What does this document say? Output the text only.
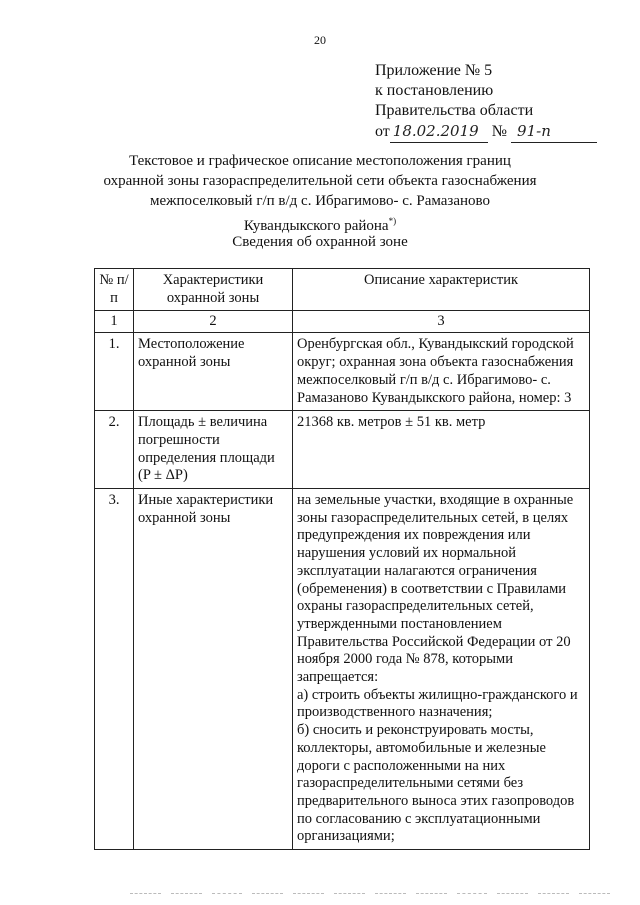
20
Приложение № 5
к постановлению
Правительства области
от 18.02.2019 № 91-п
Текстовое и графическое описание местоположения границ
охранной зоны газораспределительной сети объекта газоснабжения
межпоселковый г/п в/д с. Ибрагимово- с. Рамазаново
Кувандыкского района*)
Сведения об охранной зоне
№ п/п	Характеристики охранной зоны	Описание характеристик
1	2	3
1.	Местоположение охранной зоны	Оренбургская обл., Кувандыкский городской округ; охранная зона объекта газоснабжения межпоселковый г/п в/д с. Ибрагимово- с. Рамазаново Кувандыкского района, номер: 3
2.	Площадь ± величина погрешности определения площади (P ± ΔP)	21368 кв. метров ± 51 кв. метр
3.	Иные характеристики охранной зоны	на земельные участки, входящие в охранные зоны газораспределительных сетей, в целях предупреждения их повреждения или нарушения условий их нормальной эксплуатации налагаются ограничения (обременения) в соответствии с Правилами охраны газораспределительных сетей, утвержденными постановлением Правительства Российской Федерации от 20 ноября 2000 года № 878, которыми запрещается:
а) строить объекты жилищно-гражданского и производственного назначения;
б) сносить и реконструировать мосты, коллекторы, автомобильные и железные дороги с расположенными на них газораспределительными сетями без предварительного выноса этих газопроводов по согласованию с эксплуатационными организациями;
